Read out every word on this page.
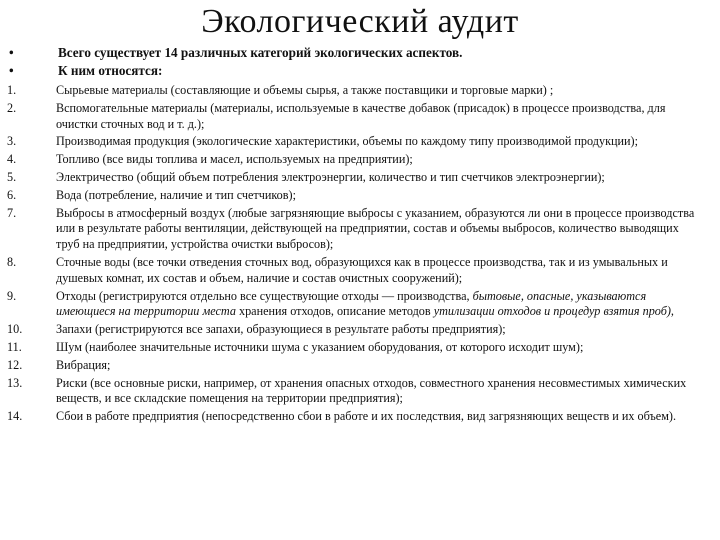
Экологический аудит
•	Всего существует 14 различных категорий экологических аспектов.
•	К ним относятся:
1.	Сырьевые материалы (составляющие и объемы сырья, а также поставщики и торговые марки) ;
2.	Вспомогательные материалы (материалы, используемые в качестве добавок (присадок) в процессе производства, для очистки сточных вод и т. д.);
3.	Производимая продукция (экологические характеристики, объемы по каждому типу производимой продукции);
4.	Топливо (все виды топлива и масел, используемых на предприятии);
5.	Электричество (общий объем потребления электроэнергии, количество и тип счетчиков электроэнергии);
6.	Вода (потребление, наличие и тип счетчиков);
7.	Выбросы в атмосферный воздух (любые загрязняющие выбросы с указанием, образуются ли они в процессе производства или в результате работы вентиляции, действующей на предприятии, состав и объемы выбросов, количество выводящих труб на предприятии, устройства очистки выбросов);
8.	Сточные воды (все точки отведения сточных вод, образующихся как в процессе производства, так и из умывальных и душевых комнат, их состав и объем, наличие и состав очистных сооружений);
9.	Отходы (регистрируются отдельно все существующие отходы — производства, бытовые, опасные, указываются имеющиеся на территории места хранения отходов, описание методов утилизации отходов и процедур взятия проб),
10.	Запахи (регистрируются все запахи, образующиеся в результате работы предприятия);
11.	Шум (наиболее значительные источники шума с указанием оборудования, от которого исходит шум);
12.	Вибрация;
13.	Риски (все основные риски, например, от хранения опасных отходов, совместного хранения несовместимых химических веществ, и все складские помещения на территории предприятия);
14.	Сбои в работе предприятия (непосредственно сбои в работе и их последствия, вид загрязняющих веществ и их объем).
